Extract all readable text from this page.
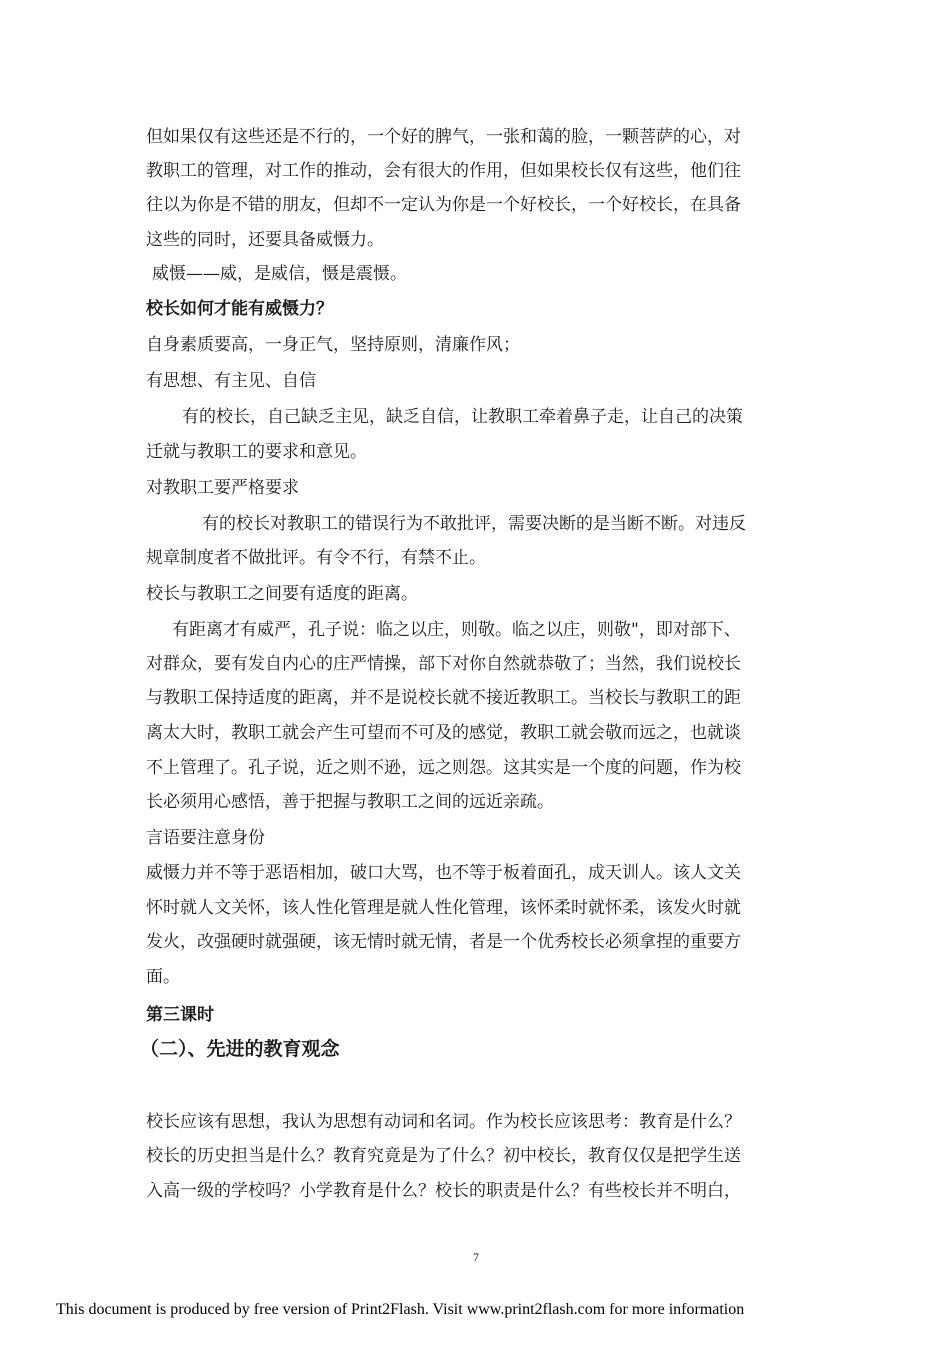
但如果仅有这些还是不行的，一个好的脾气，一张和蔼的脸，一颗菩萨的心，对
教职工的管理，对工作的推动，会有很大的作用，但如果校长仅有这些，他们往
往以为你是不错的朋友，但却不一定认为你是一个好校长，一个好校长，在具备
这些的同时，还要具备威慑力。
威慑——威，是威信，慑是震慑。
校长如何才能有威慑力？
自身素质要高，一身正气，坚持原则，清廉作风；
有思想、有主见、自信
有的校长，自己缺乏主见，缺乏自信，让教职工牵着鼻子走，让自己的决策
迁就与教职工的要求和意见。
对教职工要严格要求
有的校长对教职工的错误行为不敢批评，需要决断的是当断不断。对违反
规章制度者不做批评。有令不行，有禁不止。
校长与教职工之间要有适度的距离。
有距离才有威严，孔子说：临之以庄，则敬。临之以庄，则敬"，即对部下、
对群众，要有发自内心的庄严情操，部下对你自然就恭敬了；当然，我们说校长
与教职工保持适度的距离，并不是说校长就不接近教职工。当校长与教职工的距
离太大时，教职工就会产生可望而不可及的感觉，教职工就会敬而远之，也就谈
不上管理了。孔子说，近之则不逊，远之则怨。这其实是一个度的问题，作为校
长必须用心感悟，善于把握与教职工之间的远近亲疏。
言语要注意身份
威慑力并不等于恶语相加，破口大骂，也不等于板着面孔，成天训人。该人文关
怀时就人文关怀，该人性化管理是就人性化管理，该怀柔时就怀柔，该发火时就
发火，改强硬时就强硬，该无情时就无情，者是一个优秀校长必须拿捏的重要方
面。
第三课时
（二）、先进的教育观念
校长应该有思想，我认为思想有动词和名词。作为校长应该思考：教育是什么？
校长的历史担当是什么？教育究竟是为了什么？初中校长，教育仅仅是把学生送
入高一级的学校吗？小学教育是什么？校长的职责是什么？有些校长并不明白，
7
This document is produced by free version of Print2Flash. Visit www.print2flash.com for more information
